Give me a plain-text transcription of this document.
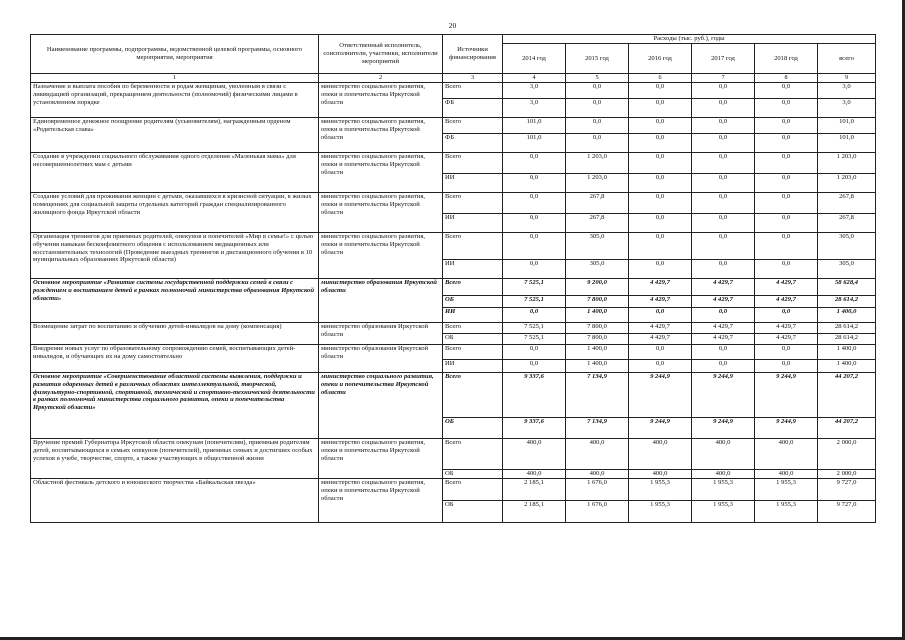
20
Наименование программы, подпрограммы, ведомственной целевой программы, основного мероприятия, мероприятия	Ответственный исполнитель, соисполнители, участники, исполнители мероприятий	Источники финансирования	Расходы (тыс. руб.), годы					
			2014 год	2015 год	2016 год	2017 год	2018 год	всего
1	2	3	4	5	6	7	8	9
Назначение и выплата пособия по беременности и родам женщинам, уволенным в связи с ликвидацией организаций, прекращением деятельности (полномочий) физическими лицами в установленном порядке	министерство социального развития, опеки и попечительства Иркутской области	Всего	3,0	0,0	0,0	0,0	0,0	3,0
		ФБ	3,0	0,0	0,0	0,0	0,0	3,0
Единовременное денежное поощрение родителям (усыновителям), награжденным орденом «Родительская слава»	министерство социального развития, опеки и попечительства Иркутской области	Всего	101,0	0,0	0,0	0,0	0,0	101,0
		ФБ	101,0	0,0	0,0	0,0	0,0	101,0
Создание в учреждении социального обслуживания одного отделения «Маленькая мама» для несовершеннолетних мам с детьми	министерство социального развития, опеки и попечительства Иркутской области	Всего	0,0	1 203,0	0,0	0,0	0,0	1 203,0
		ИИ	0,0	1 203,0	0,0	0,0	0,0	1 203,0
Создание условий для проживания женщин с детьми, оказавшихся в кризисной ситуации, в жилых помещениях для социальной защиты отдельных категорий граждан специализированного жилищного фонда Иркутской области	министерство социального развития, опеки и попечительства Иркутской области	Всего	0,0	267,8	0,0	0,0	0,0	267,8
		ИИ	0,0	267,8	0,0	0,0	0,0	267,8
Организация тренингов для приемных родителей, опекунов и попечителей «Мир в семье!» с целью обучения навыкам бесконфликтного общения с использованием медиационных или восстановительных технологий (Проведение выездных тренингов и дистанционного обучения в 10 муниципальных образованиях Иркутской области)	министерство социального развития, опеки и попечительства Иркутской области	Всего	0,0	305,0	0,0	0,0	0,0	305,0
		ИИ	0,0	305,0	0,0	0,0	0,0	305,0
Основное мероприятие «Развитие системы государственной поддержки семей в связи с рождением и воспитанием детей в рамках полномочий министерства образования Иркутской области»	министерство образования Иркутской области	Всего	7 525,1	9 200,0	4 429,7	4 429,7	4 429,7	58 628,4
		ОБ	7 525,1	7 800,0	4 429,7	4 429,7	4 429,7	28 614,2
		ИИ	0,0	1 400,0	0,0	0,0	0,0	1 400,0
Возмещение затрат по воспитанию и обучению детей-инвалидов на дому (компенсация)	министерство образования Иркутской области	Всего	7 525,1	7 800,0	4 429,7	4 429,7	4 429,7	28 614,2
		ОБ	7 525,1	7 800,0	4 429,7	4 429,7	4 429,7	28 614,2
Внедрение новых услуг по образовательному сопровождению семей, воспитывающих детей-инвалидов, и обучающих их на дому самостоятельно	министерство образования Иркутской области	Всего	0,0	1 400,0	0,0	0,0	0,0	1 400,0
		ИИ	0,0	1 400,0	0,0	0,0	0,0	1 400,0
Основное мероприятие «Совершенствование областной системы выявления, поддержки и развития одаренных детей в различных областях интеллектуальной, творческой, физкультурно-спортивной, спортивной, технической и спортивно-технической деятельности в рамках полномочий министерства социального развития, опеки и попечительства Иркутской области»	министерство социального развития, опеки и попечительства Иркутской области	Всего	9 337,6	7 134,9	9 244,9	9 244,9	9 244,9	44 207,2
		ОБ	9 337,6	7 134,9	9 244,9	9 244,9	9 244,9	44 207,2
Вручение премий Губернатора Иркутской области опекунам (попечителям), приемным родителям детей, воспитывающихся в семьях опекунов (попечителей), приемных семьях и достигших особых успехов в учебе, творчестве, спорте, а также участвующих в общественной жизни	министерство социального развития, опеки и попечительства Иркутской области	Всего	400,0	400,0	400,0	400,0	400,0	2 000,0
		ОБ	400,0	400,0	400,0	400,0	400,0	2 000,0
Областной фестиваль детского и юношеского творчества «Байкальская звезда»	министерство социального развития, опеки и попечительства Иркутской области	Всего	2 185,1	1 676,0	1 955,3	1 955,3	1 955,3	9 727,0
		ОБ	2 185,1	1 676,0	1 955,3	1 955,3	1 955,3	9 727,0
